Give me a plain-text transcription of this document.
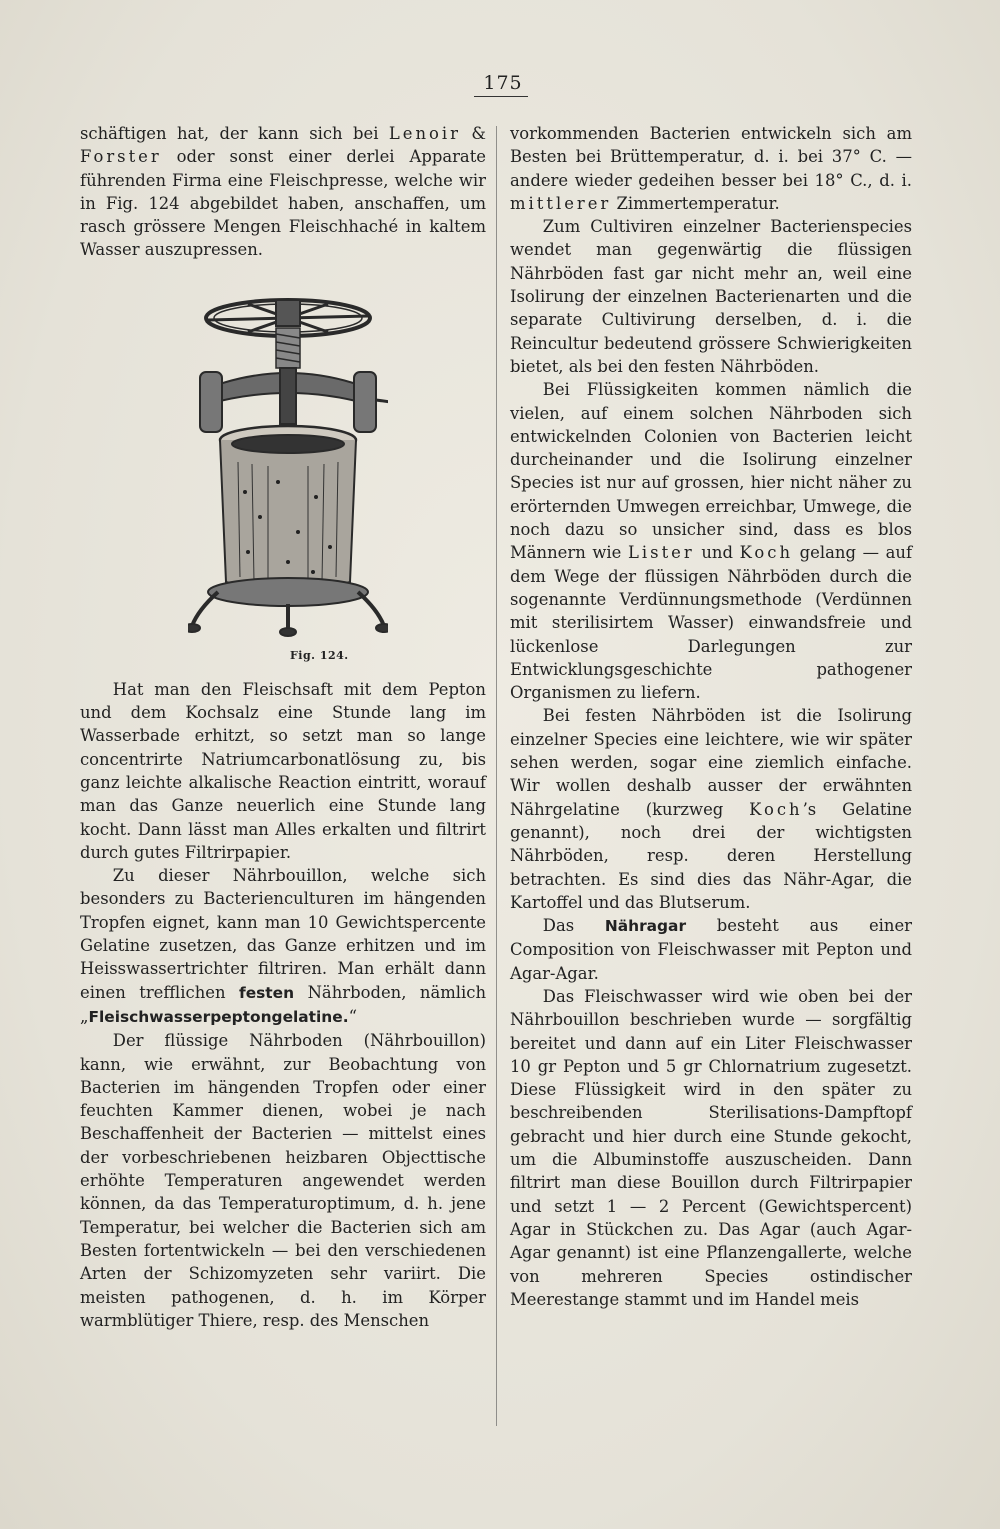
175

schäftigen hat, der kann sich bei Lenoir & Forster oder sonst einer derlei Apparate führenden Firma eine Fleischpresse, welche wir in Fig. 124 abgebildet haben, anschaffen, um rasch grössere Mengen Fleischhaché in kaltem Wasser auszupressen.

Fig. 124.

Hat man den Fleischsaft mit dem Pepton und dem Kochsalz eine Stunde lang im Wasserbade erhitzt, so setzt man so lange concentrirte Natriumcarbonatlösung zu, bis ganz leichte alkalische Reaction eintritt, worauf man das Ganze neuerlich eine Stunde lang kocht. Dann lässt man Alles erkalten und filtrirt durch gutes Filtrirpapier.

Zu dieser Nährbouillon, welche sich besonders zu Bacterienculturen im hängenden Tropfen eignet, kann man 10 Gewichtspercente Gelatine zusetzen, das Ganze erhitzen und im Heisswassertrichter filtriren. Man erhält dann einen trefflichen festen Nährboden, nämlich „Fleischwasserpeptongelatine.“

Der flüssige Nährboden (Nährbouillon) kann, wie erwähnt, zur Beobachtung von Bacterien im hängenden Tropfen oder einer feuchten Kammer dienen, wobei je nach Beschaffenheit der Bacterien — mittelst eines der vorbeschriebenen heizbaren Objecttische erhöhte Temperaturen angewendet werden können, da das Temperaturoptimum, d. h. jene Temperatur, bei welcher die Bacterien sich am Besten fortentwickeln — bei den verschiedenen Arten der Schizomyzeten sehr variirt. Die meisten pathogenen, d. h. im Körper warmblütiger Thiere, resp. des Menschen

vorkommenden Bacterien entwickeln sich am Besten bei Brüttemperatur, d. i. bei 37° C. — andere wieder gedeihen besser bei 18° C., d. i. mittlerer Zimmertemperatur.

Zum Cultiviren einzelner Bacterienspecies wendet man gegenwärtig die flüssigen Nährböden fast gar nicht mehr an, weil eine Isolirung der einzelnen Bacterienarten und die separate Cultivirung derselben, d. i. die Reincultur bedeutend grössere Schwierigkeiten bietet, als bei den festen Nährböden.

Bei Flüssigkeiten kommen nämlich die vielen, auf einem solchen Nährboden sich entwickelnden Colonien von Bacterien leicht durcheinander und die Isolirung einzelner Species ist nur auf grossen, hier nicht näher zu erörternden Umwegen erreichbar, Umwege, die noch dazu so unsicher sind, dass es blos Männern wie Lister und Koch gelang — auf dem Wege der flüssigen Nährböden durch die sogenannte Verdünnungsmethode (Verdünnen mit sterilisirtem Wasser) einwandsfreie und lückenlose Darlegungen zur Entwicklungsgeschichte pathogener Organismen zu liefern.

Bei festen Nährböden ist die Isolirung einzelner Species eine leichtere, wie wir später sehen werden, sogar eine ziemlich einfache. Wir wollen deshalb ausser der erwähnten Nährgelatine (kurzweg Koch’s Gelatine genannt), noch drei der wichtigsten Nährböden, resp. deren Herstellung betrachten. Es sind dies das Nähr-Agar, die Kartoffel und das Blutserum.

Das Nähragar besteht aus einer Composition von Fleischwasser mit Pepton und Agar-Agar.

Das Fleischwasser wird wie oben bei der Nährbouillon beschrieben wurde — sorgfältig bereitet und dann auf ein Liter Fleischwasser 10 gr Pepton und 5 gr Chlornatrium zugesetzt. Diese Flüssigkeit wird in den später zu beschreibenden Sterilisations-Dampftopf gebracht und hier durch eine Stunde gekocht, um die Albuminstoffe auszuscheiden. Dann filtrirt man diese Bouillon durch Filtrirpapier und setzt 1 — 2 Percent (Gewichtspercent) Agar in Stückchen zu. Das Agar (auch Agar-Agar genannt) ist eine Pflanzengallerte, welche von mehreren Species ostindischer Meerestange stammt und im Handel meis
